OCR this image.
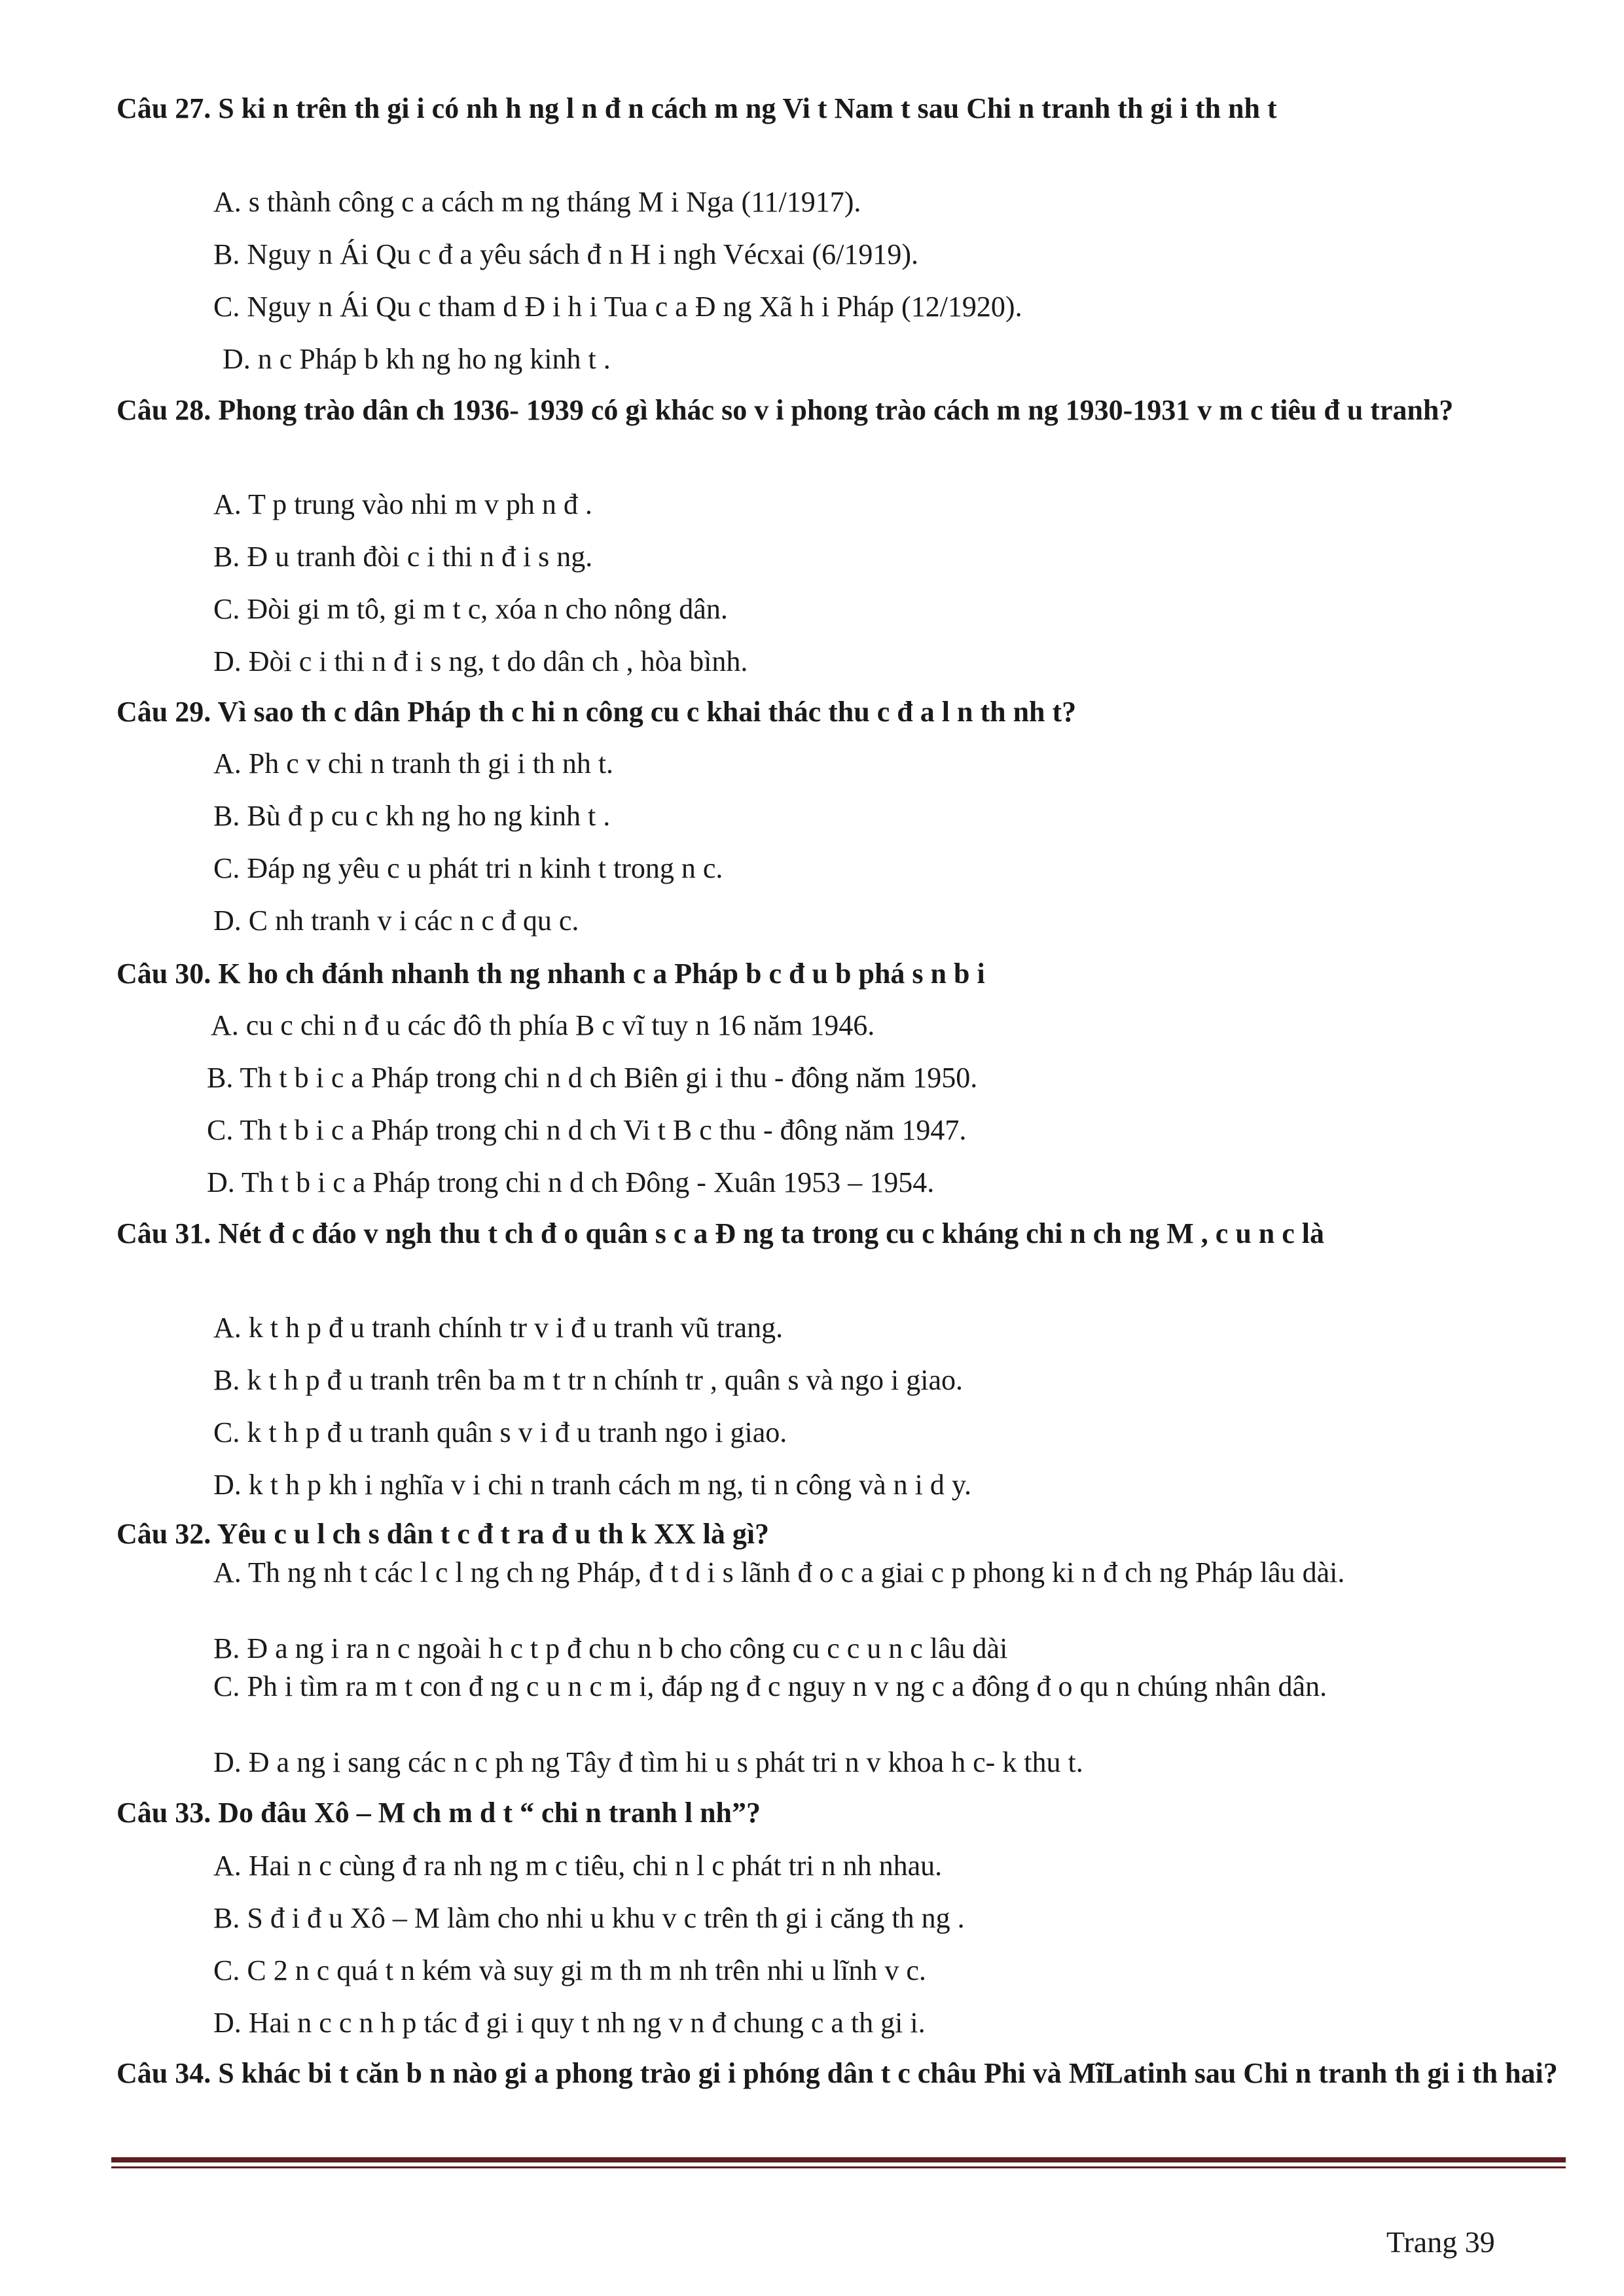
Câu 27. S ki n trên th gi i có nh h ng l n đ n cách m ng Vi t Nam t sau Chi n tranh th gi i th nh t

A. s thành công c a cách m ng tháng M i Nga (11/1917).

B. Nguy n Ái Qu c đ a yêu sách đ n H i ngh Vécxai (6/1919).

C. Nguy n Ái Qu c tham d Đ i h i Tua c a Đ ng Xã h i Pháp (12/1920).

D. n c Pháp b kh ng ho ng kinh t .

Câu 28. Phong trào dân ch 1936- 1939 có gì khác so v i phong trào cách m ng 1930-1931 v m c tiêu đ u tranh?

A. T p trung vào nhi m v ph n đ .

B. Đ u tranh đòi c i thi n đ i s ng.

C. Đòi gi m tô, gi m t c, xóa n cho nông dân.

D. Đòi c i thi n đ i s ng, t do dân ch , hòa bình.

Câu 29. Vì sao th c dân Pháp th c hi n công cu c khai thác thu c đ a l n th nh t?

A. Ph c v chi n tranh th gi i th nh t.

B. Bù đ p cu c kh ng ho ng kinh t .

C. Đáp ng yêu c u phát tri n kinh t trong n c.

D. C nh tranh v i các n c đ qu c.

Câu 30. K ho ch đánh nhanh th ng nhanh c a Pháp b c đ u b phá s n b i

A. cu c chi n đ u các đô th phía B c vĩ tuy n 16 năm 1946.

B. Th t b i c a Pháp trong chi n d ch Biên gi i thu - đông năm 1950.

C. Th t b i c a Pháp trong chi n d ch Vi t B c thu - đông năm 1947.

D. Th t b i c a Pháp trong chi n d ch Đông - Xuân 1953 – 1954.

Câu 31. Nét đ c đáo v ngh thu t ch đ o quân s c a Đ ng ta trong cu c kháng chi n ch ng M , c u n c là

A. k t h p đ u tranh chính tr v i đ u tranh vũ trang.

B. k t h p đ u tranh trên ba m t tr n chính tr , quân s và ngo i giao.

C. k t h p đ u tranh quân s v i đ u tranh ngo i giao.

D. k t h p kh i nghĩa v i chi n tranh cách m ng, ti n công và n i d y.

Câu 32. Yêu c u l ch s dân t c đ t ra đ u th k XX là gì?

A. Th ng nh t các l c l ng ch ng Pháp, đ t d i s lãnh đ o c a giai c p phong ki n đ ch ng Pháp lâu dài.

B. Đ a ng i ra n c ngoài h c t p đ chu n b cho công cu c c u n c lâu dài

C. Ph i tìm ra m t con đ ng c u n c m i, đáp ng đ c nguy n v ng c a đông đ o qu n chúng nhân dân.

D. Đ a ng i sang các n c ph ng Tây đ tìm hi u s phát tri n v khoa h c- k thu t.

Câu 33. Do đâu Xô – M ch m d t “ chi n tranh l nh”?

A. Hai n c cùng đ ra nh ng m c tiêu, chi n l c phát tri n nh nhau.

B. S đ i đ u Xô – M làm cho nhi u khu v c trên th gi i căng th ng .

C. C 2 n c quá t n kém và suy gi m th m nh trên nhi u lĩnh v c.

D. Hai n c c n h p tác đ gi i quy t nh ng v n đ chung c a th gi i.

Câu 34. S khác bi t căn b n nào gi a phong trào gi i phóng dân t c châu Phi và MĩLatinh sau Chi n tranh th gi i th hai?

Trang 39
